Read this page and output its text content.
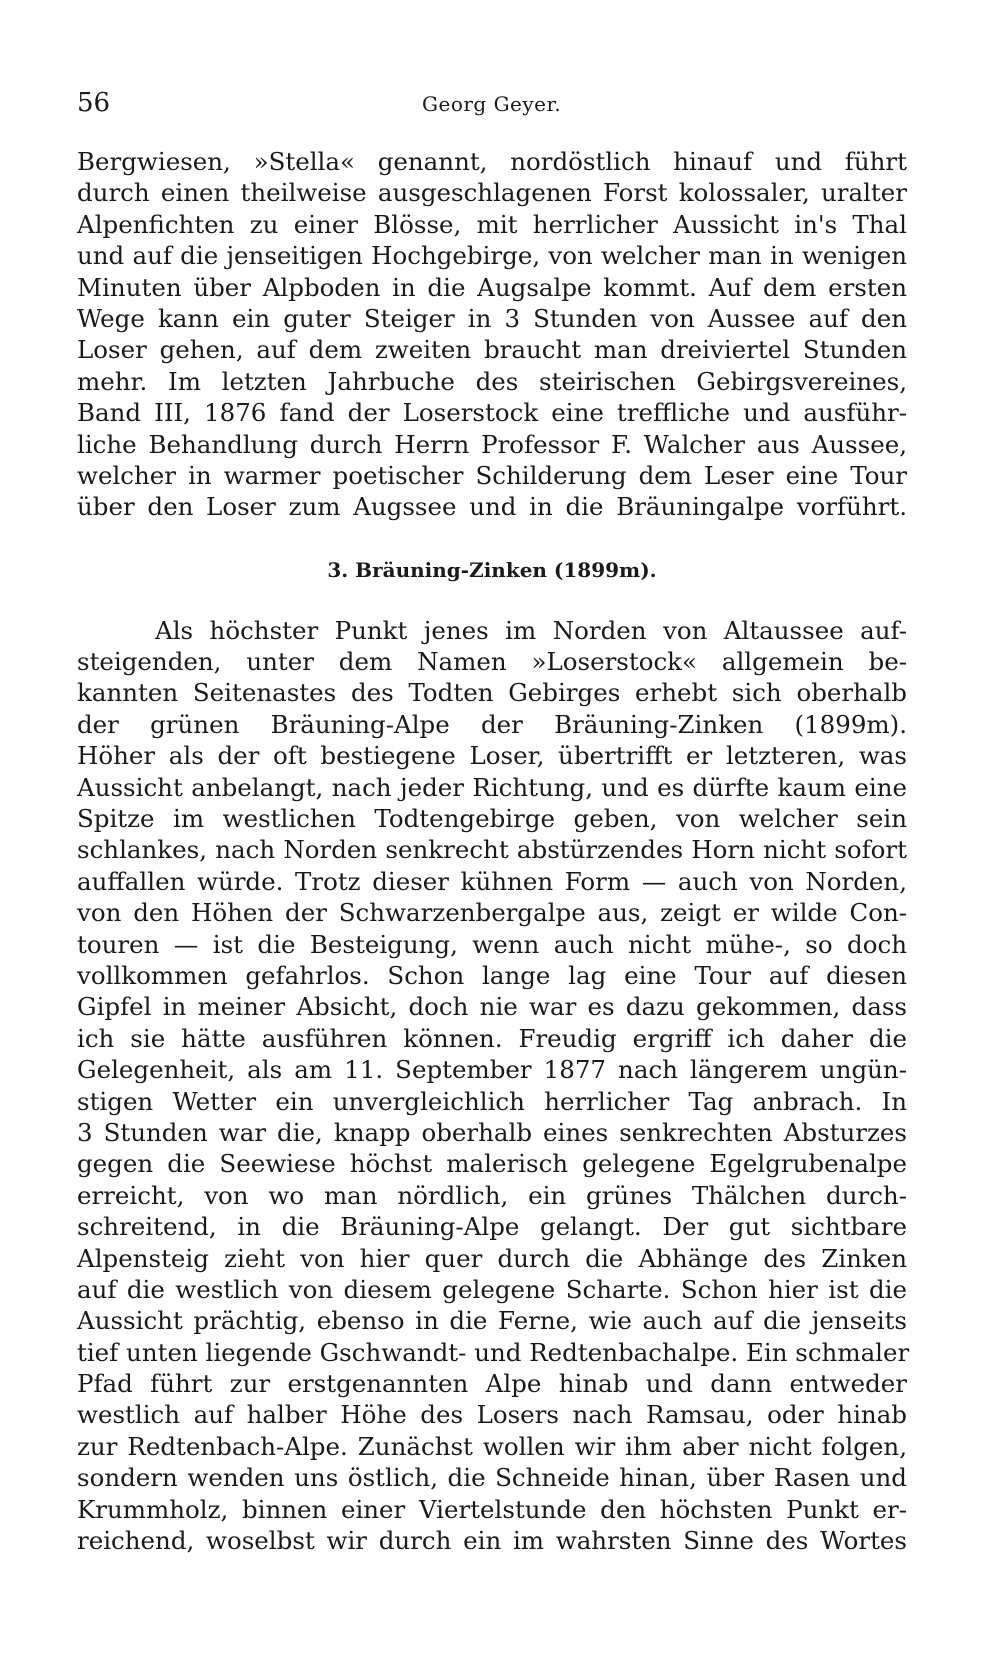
56	Georg Geyer.
Bergwiesen, »Stella« genannt, nordöstlich hinauf und führt
durch einen theilweise ausgeschlagenen Forst kolossaler, uralter
Alpenfichten zu einer Blösse, mit herrlicher Aussicht in's Thal
und auf die jenseitigen Hochgebirge, von welcher man in wenigen
Minuten über Alpboden in die Augsalpe kommt. Auf dem ersten
Wege kann ein guter Steiger in 3 Stunden von Aussee auf den
Loser gehen, auf dem zweiten braucht man dreiviertel Stunden
mehr. Im letzten Jahrbuche des steirischen Gebirgsvereines,
Band III, 1876 fand der Loserstock eine treffliche und ausführ-
liche Behandlung durch Herrn Professor F. Walcher aus Aussee,
welcher in warmer poetischer Schilderung dem Leser eine Tour
über den Loser zum Augssee und in die Bräuningalpe vorführt.
3. Bräuning-Zinken (1899m).
Als höchster Punkt jenes im Norden von Altaussee auf-
steigenden, unter dem Namen »Loserstock« allgemein be-
kannten Seitenastes des Todten Gebirges erhebt sich oberhalb
der grünen Bräuning-Alpe der Bräuning-Zinken (1899m).
Höher als der oft bestiegene Loser, übertrifft er letzteren, was
Aussicht anbelangt, nach jeder Richtung, und es dürfte kaum eine
Spitze im westlichen Todtengebirge geben, von welcher sein
schlankes, nach Norden senkrecht abstürzendes Horn nicht sofort
auffallen würde. Trotz dieser kühnen Form — auch von Norden,
von den Höhen der Schwarzenbergalpe aus, zeigt er wilde Con-
touren — ist die Besteigung, wenn auch nicht mühe-, so doch
vollkommen gefahrlos. Schon lange lag eine Tour auf diesen
Gipfel in meiner Absicht, doch nie war es dazu gekommen, dass
ich sie hätte ausführen können. Freudig ergriff ich daher die
Gelegenheit, als am 11. September 1877 nach längerem ungün-
stigen Wetter ein unvergleichlich herrlicher Tag anbrach. In
3 Stunden war die, knapp oberhalb eines senkrechten Absturzes
gegen die Seewiese höchst malerisch gelegene Egelgrubenalpe
erreicht, von wo man nördlich, ein grünes Thälchen durch-
schreitend, in die Bräuning-Alpe gelangt. Der gut sichtbare
Alpensteig zieht von hier quer durch die Abhänge des Zinken
auf die westlich von diesem gelegene Scharte. Schon hier ist die
Aussicht prächtig, ebenso in die Ferne, wie auch auf die jenseits
tief unten liegende Gschwandt- und Redtenbachalpe. Ein schmaler
Pfad führt zur erstgenannten Alpe hinab und dann entweder
westlich auf halber Höhe des Losers nach Ramsau, oder hinab
zur Redtenbach-Alpe. Zunächst wollen wir ihm aber nicht folgen,
sondern wenden uns östlich, die Schneide hinan, über Rasen und
Krummholz, binnen einer Viertelstunde den höchsten Punkt er-
reichend, woselbst wir durch ein im wahrsten Sinne des Wortes
